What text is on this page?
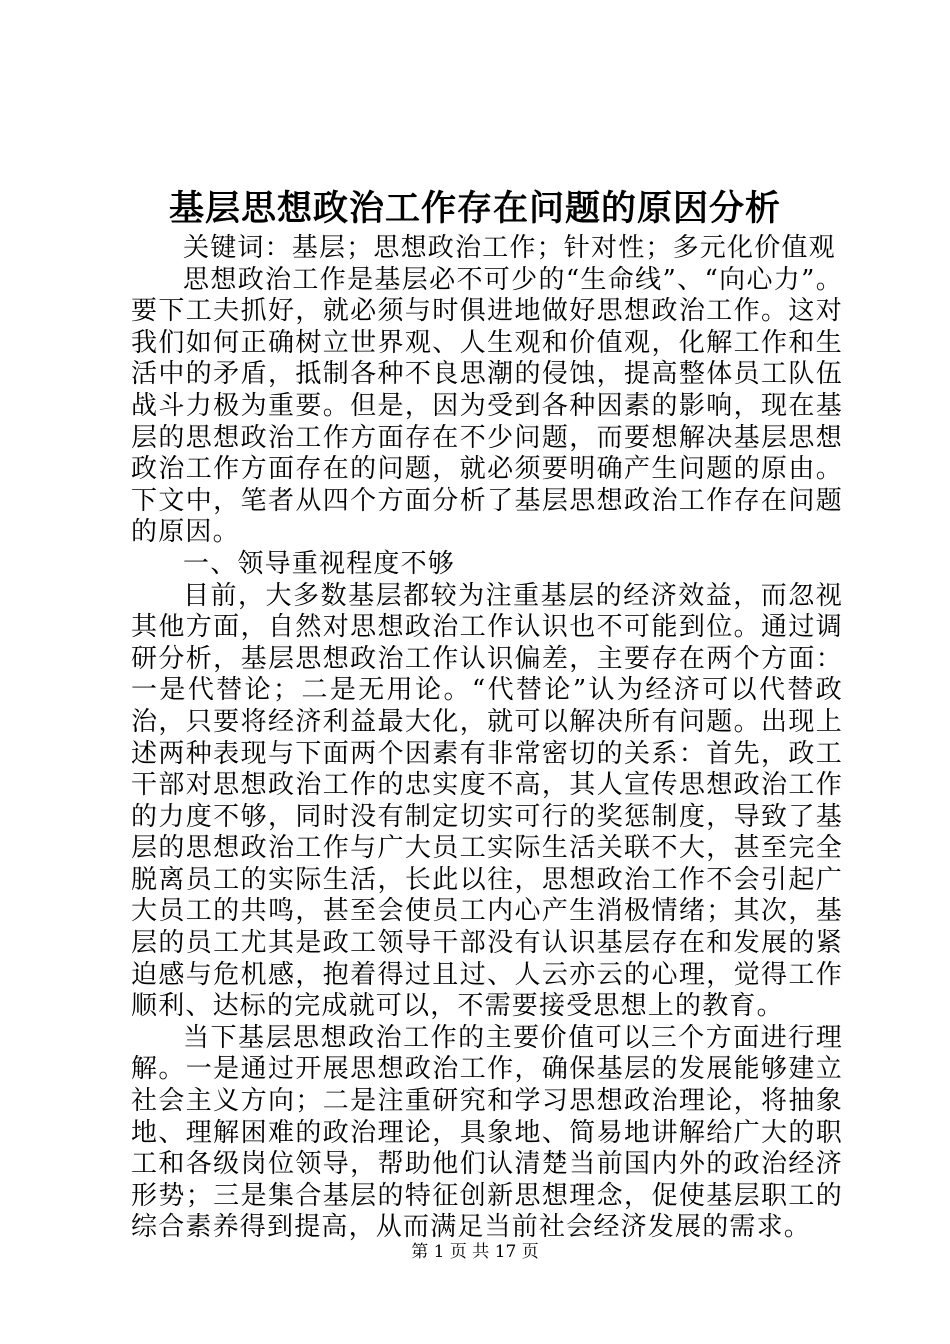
基层思想政治工作存在问题的原因分析

关键词：基层；思想政治工作；针对性；多元化价值观

思想政治工作是基层必不可少的“生命线”、“向心力”。要下工夫抓好，就必须与时俱进地做好思想政治工作。这对我们如何正确树立世界观、人生观和价值观，化解工作和生活中的矛盾，抵制各种不良思潮的侵蚀，提高整体员工队伍战斗力极为重要。但是，因为受到各种因素的影响，现在基层的思想政治工作方面存在不少问题，而要想解决基层思想政治工作方面存在的问题，就必须要明确产生问题的原由。下文中，笔者从四个方面分析了基层思想政治工作存在问题的原因。

一、领导重视程度不够

目前，大多数基层都较为注重基层的经济效益，而忽视其他方面，自然对思想政治工作认识也不可能到位。通过调研分析，基层思想政治工作认识偏差，主要存在两个方面：一是代替论；二是无用论。“代替论”认为经济可以代替政治，只要将经济利益最大化，就可以解决所有问题。出现上述两种表现与下面两个因素有非常密切的关系：首先，政工干部对思想政治工作的忠实度不高，其人宣传思想政治工作的力度不够，同时没有制定切实可行的奖惩制度，导致了基层的思想政治工作与广大员工实际生活关联不大，甚至完全脱离员工的实际生活，长此以往，思想政治工作不会引起广大员工的共鸣，甚至会使员工内心产生消极情绪；其次，基层的员工尤其是政工领导干部没有认识基层存在和发展的紧迫感与危机感，抱着得过且过、人云亦云的心理，觉得工作顺利、达标的完成就可以，不需要接受思想上的教育。

当下基层思想政治工作的主要价值可以三个方面进行理解。一是通过开展思想政治工作，确保基层的发展能够建立社会主义方向；二是注重研究和学习思想政治理论，将抽象地、理解困难的政治理论，具象地、简易地讲解给广大的职工和各级岗位领导，帮助他们认清楚当前国内外的政治经济形势；三是集合基层的特征创新思想理念，促使基层职工的综合素养得到提高，从而满足当前社会经济发展的需求。

第 1 页 共 17 页
